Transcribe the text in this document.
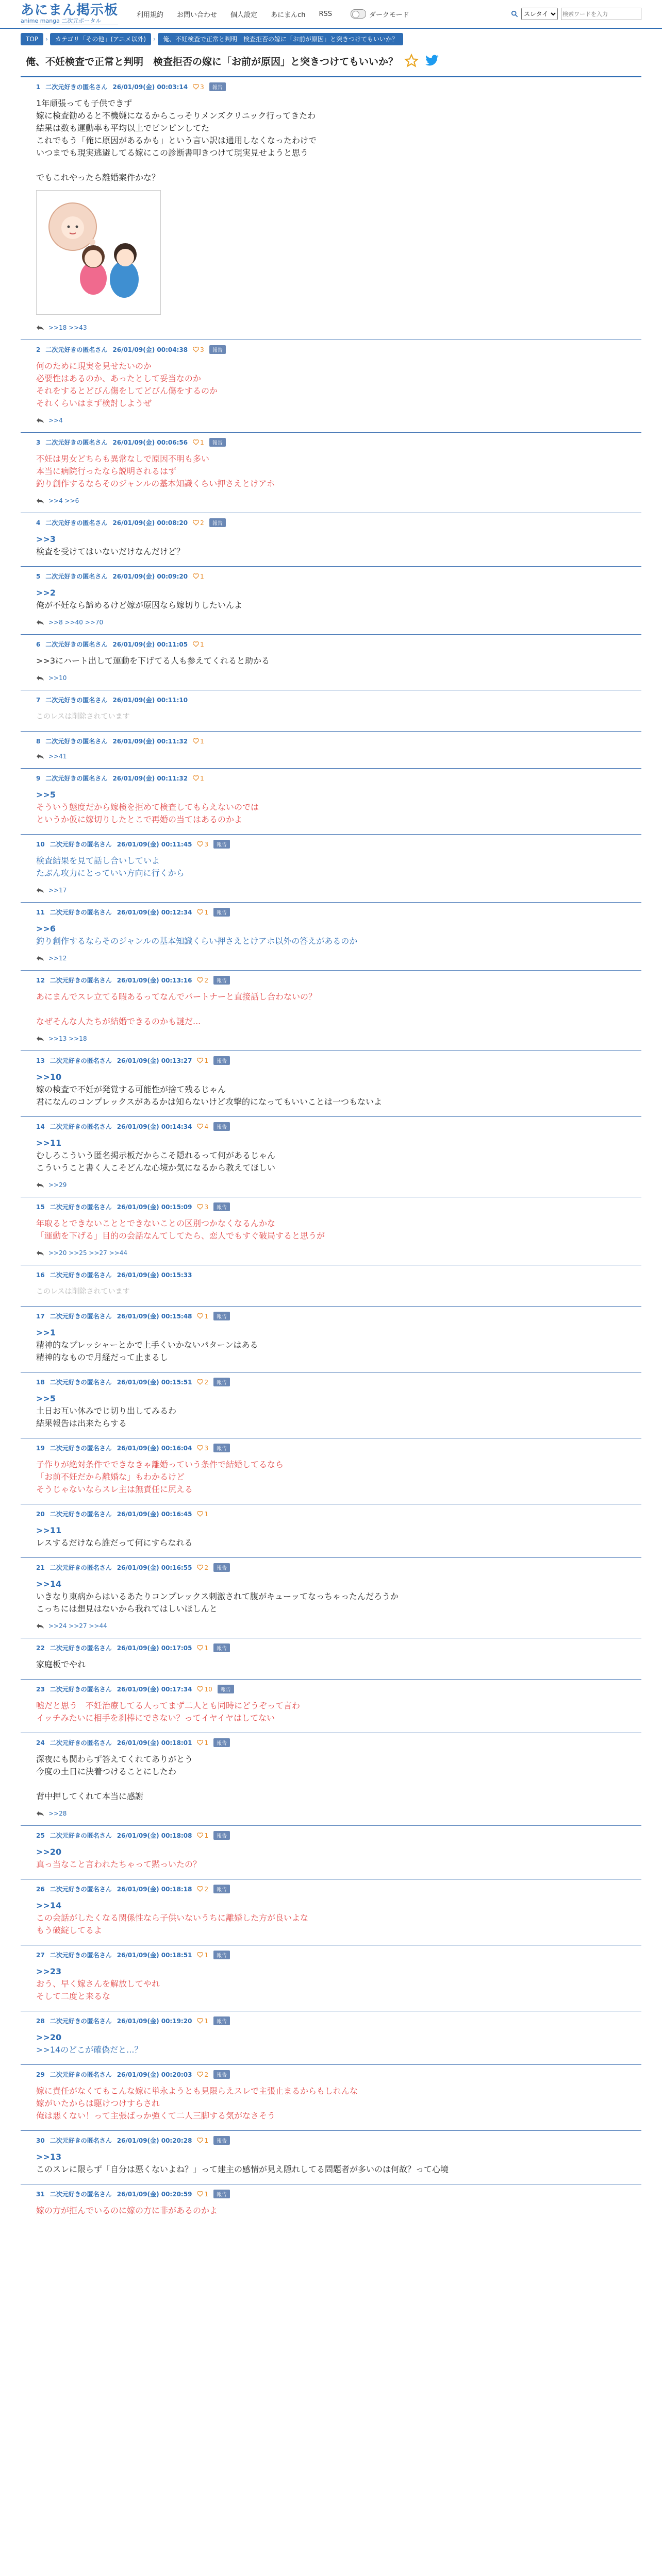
あにまん掲示板
anime manga 二次元ポータル
利用規約 お問い合わせ 個人設定 あにまんch RSS	ダークモード
スレタイ
検索ワードを入力
TOP	›	カテゴリ「その他」(アニメ以外)	›	俺、不妊検査で正常と判明　検査拒否の嫁に「お前が原因」と突きつけてもいいか？
俺、不妊検査で正常と判明　検査拒否の嫁に「お前が原因」と突きつけてもいいか？
1 二次元好きの匿名さん 26/01/09(金) 00:03:14 3	報告
1年頑張っても子供できず
嫁に検査勧めると不機嫌になるからこっそりメンズクリニック行ってきたわ
結果は数も運動率も平均以上でピンピンしてた
これでもう「俺に原因があるかも」という言い訳は通用しなくなったわけで
いつまでも現実逃避してる嫁にこの診断書叩きつけて現実見せようと思う

でもこれやったら離婚案件かな？
>>18 >>43
2 二次元好きの匿名さん 26/01/09(金) 00:04:38 3	報告
何のために現実を見せたいのか
必要性はあるのか、あったとして妥当なのか
それをするとどびん傷をしてどびん傷をするのか
それくらいはまず検討しようぜ
>>4
3 二次元好きの匿名さん 26/01/09(金) 00:06:56 1	報告
不妊は男女どちらも異常なしで原因不明も多い
本当に病院行ったなら説明されるはず
釣り創作するならそのジャンルの基本知識くらい押さえとけアホ
>>4 >>6
4 二次元好きの匿名さん 26/01/09(金) 00:08:20 2	報告
>>3
検査を受けてはいないだけなんだけど？
5 二次元好きの匿名さん 26/01/09(金) 00:09:20 1
>>2
俺が不妊なら諦めるけど嫁が原因なら嫁切りしたいんよ
>>8 >>40 >>70
6 二次元好きの匿名さん 26/01/09(金) 00:11:05 1
>>3にハート出して運動を下げてる人も参えてくれると助かる
>>10
7 二次元好きの匿名さん 26/01/09(金) 00:11:10
このレスは削除されています
8 二次元好きの匿名さん 26/01/09(金) 00:11:32 1
>>41
9 二次元好きの匿名さん 26/01/09(金) 00:11:32 1
>>5
そういう態度だから嫁検を拒めて検査してもらえないのでは
というか仮に嫁切りしたとこで再婚の当てはあるのかよ
10 二次元好きの匿名さん 26/01/09(金) 00:11:45 3	報告
検査結果を見て話し合いしていよ
たぶん攻力にとっていい方向に行くから
>>17
11 二次元好きの匿名さん 26/01/09(金) 00:12:34 1	報告
>>6
釣り創作するならそのジャンルの基本知識くらい押さえとけアホ以外の答えがあるのか
>>12
12 二次元好きの匿名さん 26/01/09(金) 00:13:16 2	報告
あにまんでスレ立てる暇あるってなんでパートナーと直接話し合わないの？

なぜそんな人たちが結婚できるのかも謎だ...
>>13 >>18
13 二次元好きの匿名さん 26/01/09(金) 00:13:27 1	報告
>>10
嫁の検査で不妊が発覚する可能性が捨て残るじゃん
君になんのコンプレックスがあるかは知らないけど攻撃的になってもいいことは一つもないよ
14 二次元好きの匿名さん 26/01/09(金) 00:14:34 4	報告
>>11
むしろこういう匿名掲示板だからこそ隠れるって何があるじゃん
こういうこと書く人こそどんな心境か気になるから教えてほしい
>>29
15 二次元好きの匿名さん 26/01/09(金) 00:15:09 3	報告
年取るとできないこととできないことの区別つかなくなるんかな
「運動を下げる」目的の会話なんてしてたら、恋人でもすぐ破局すると思うが
>>20 >>25 >>27 >>44
16 二次元好きの匿名さん 26/01/09(金) 00:15:33
このレスは削除されています
17 二次元好きの匿名さん 26/01/09(金) 00:15:48 1	報告
>>1
精神的なプレッシャーとかで上手くいかないパターンはある
精神的なもので月経だって止まるし
18 二次元好きの匿名さん 26/01/09(金) 00:15:51 2	報告
>>5
土日お互い休みでじ切り出してみるわ
結果報告は出来たらする
19 二次元好きの匿名さん 26/01/09(金) 00:16:04 3	報告
子作りが絶対条件でできなきゃ離婚っていう条件で結婚してるなら
「お前不妊だから離婚な」もわかるけど
そうじゃないならスレ主は無責任に尻える
20 二次元好きの匿名さん 26/01/09(金) 00:16:45 1
>>11
レスするだけなら誰だって何にすらなれる
21 二次元好きの匿名さん 26/01/09(金) 00:16:55 2	報告
>>14
いきなり東病からはいるあたりコンプレックス刺激されて腹がキューッてなっちゃったんだろうか
こっちには想見はないから我れてはしいほしんと
>>24 >>27 >>44
22 二次元好きの匿名さん 26/01/09(金) 00:17:05 1	報告
家庭板でやれ
23 二次元好きの匿名さん 26/01/09(金) 00:17:34 10	報告
嘘だと思う　不妊治療してる人ってまず二人とも同時にどうぞって言わ
イッチみたいに相手を刹棒にできない？ってイヤイヤはしてない
24 二次元好きの匿名さん 26/01/09(金) 00:18:01 1	報告
深夜にも関わらず答えてくれてありがとう
今度の土日に決着つけることにしたわ

背中押してくれて本当に感謝
>>28
25 二次元好きの匿名さん 26/01/09(金) 00:18:08 1	報告
>>20
真っ当なこと言われたちゃって黙っいたの？
26 二次元好きの匿名さん 26/01/09(金) 00:18:18 2	報告
>>14
この会話がしたくなる関係性なら子供いないうちに離婚した方が良いよな
もう破綻してるよ
27 二次元好きの匿名さん 26/01/09(金) 00:18:51 1	報告
>>23
おう、早く嫁さんを解放してやれ
そして二度と来るな
28 二次元好きの匿名さん 26/01/09(金) 00:19:20 1	報告
>>20
>>14のどこが確偽だと...？
29 二次元好きの匿名さん 26/01/09(金) 00:20:03 2	報告
嫁に責任がなくてもこんな嫁に単永ようとも見限らえスレで主張止まるからもしれんな
嫁がいたからは駆けつけすらされ
俺は悪くない！って主張ばっか強くて二人三脚する気がなさそう
30 二次元好きの匿名さん 26/01/09(金) 00:20:28 1	報告
>>13
このスレに限らず「自分は悪くないよね？」って建主の感情が見え隠れしてる問題者が多いのは何故？って心境
31 二次元好きの匿名さん 26/01/09(金) 00:20:59 1	報告
嫁の方が拒んでいるのに嫁の方に非があるのかよ
